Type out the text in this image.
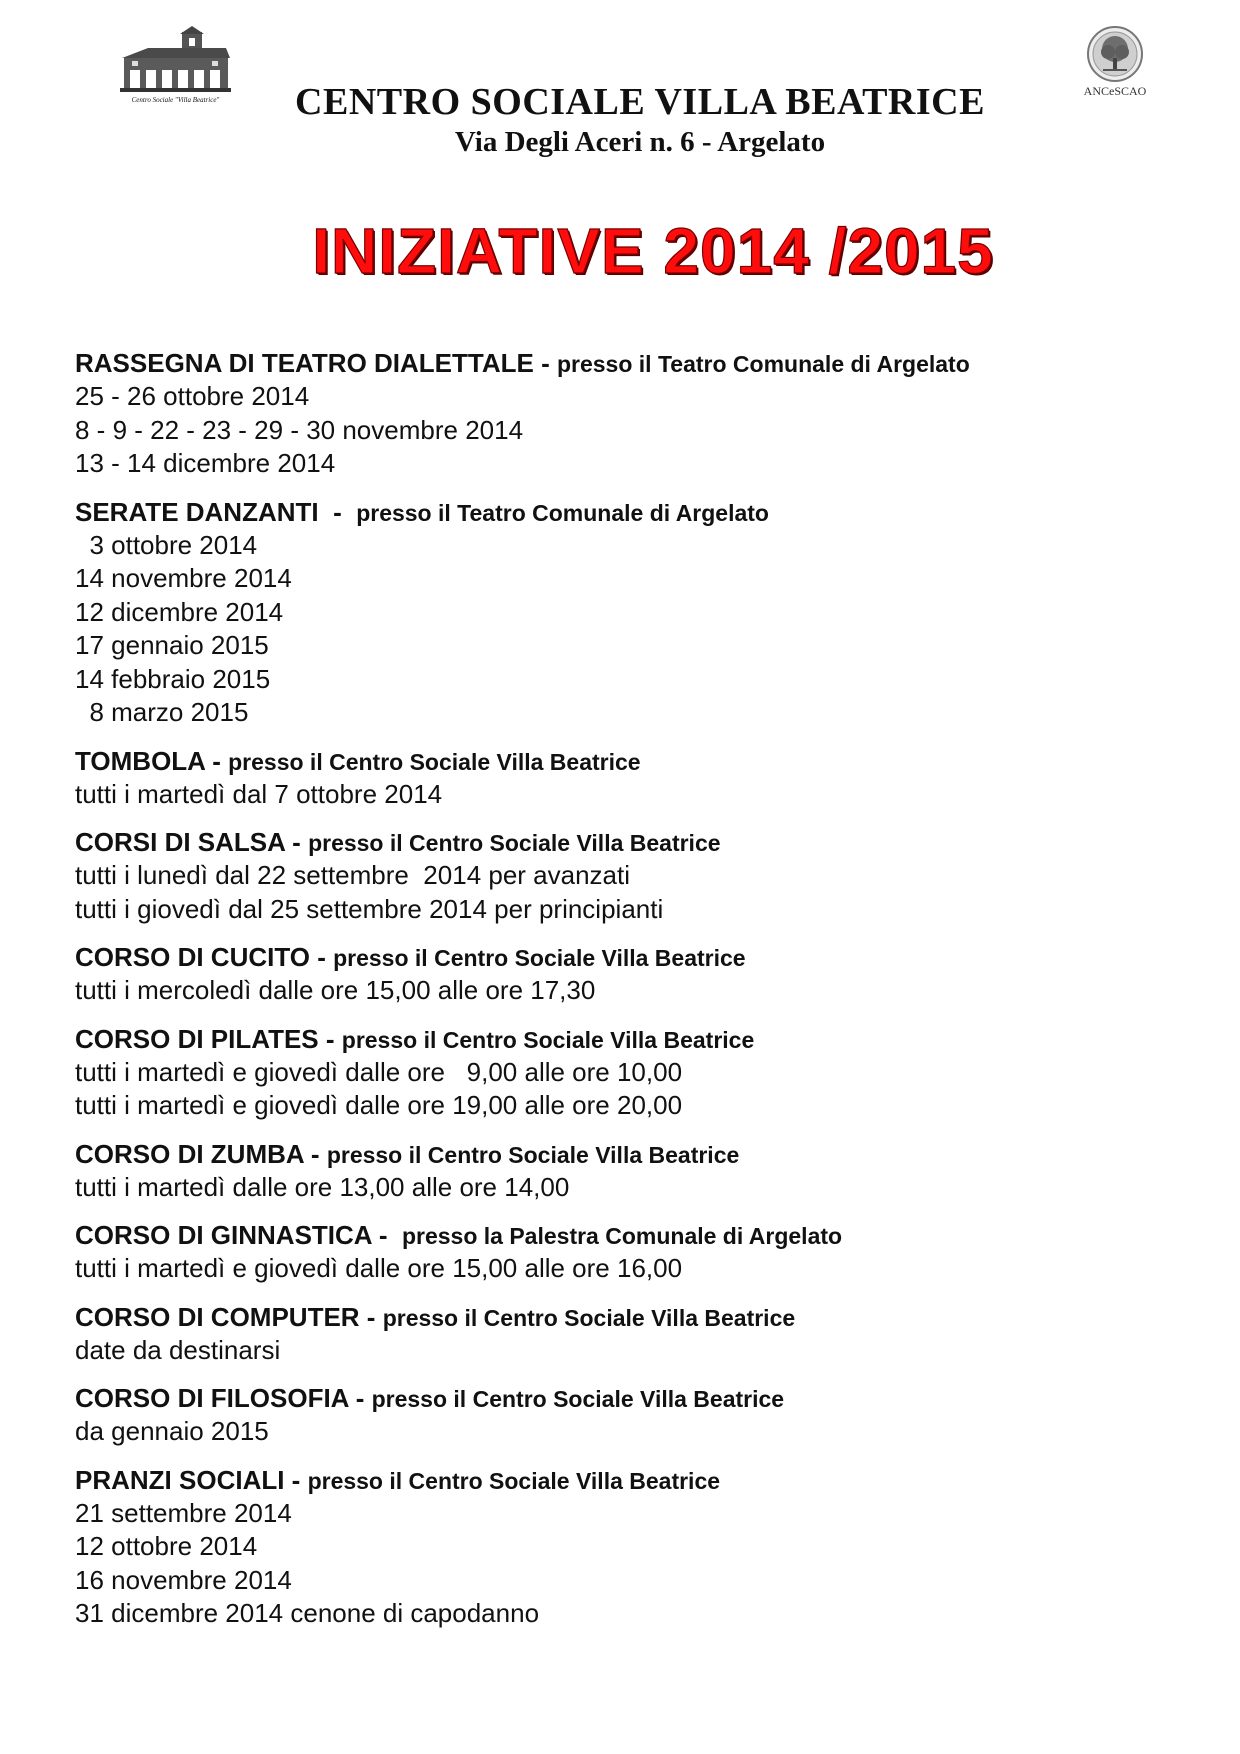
Centro Sociale "Villa Beatrice"
ANCeSCAO
CENTRO SOCIALE VILLA BEATRICE
Via Degli Aceri n. 6 - Argelato
INIZIATIVE 2014 /2015
RASSEGNA DI TEATRO DIALETTALE - presso il Teatro Comunale di Argelato
25 - 26 ottobre 2014
8 - 9 - 22 - 23 - 29 - 30 novembre 2014
13 - 14 dicembre 2014
SERATE DANZANTI  -  presso il Teatro Comunale di Argelato
3 ottobre 2014
14 novembre 2014
12 dicembre 2014
17 gennaio 2015
14 febbraio 2015
8 marzo 2015
TOMBOLA - presso il Centro Sociale Villa Beatrice
tutti i martedì dal 7 ottobre 2014
CORSI DI SALSA - presso il Centro Sociale Villa Beatrice
tutti i lunedì dal 22 settembre  2014 per avanzati
tutti i giovedì dal 25 settembre 2014 per principianti
CORSO DI CUCITO - presso il Centro Sociale Villa Beatrice
tutti i mercoledì dalle ore 15,00 alle ore 17,30
CORSO DI PILATES - presso il Centro Sociale Villa Beatrice
tutti i martedì e giovedì dalle ore   9,00 alle ore 10,00
tutti i martedì e giovedì dalle ore 19,00 alle ore 20,00
CORSO DI ZUMBA - presso il Centro Sociale Villa Beatrice
tutti i martedì dalle ore 13,00 alle ore 14,00
CORSO DI GINNASTICA -  presso la Palestra Comunale di Argelato
tutti i martedì e giovedì dalle ore 15,00 alle ore 16,00
CORSO DI COMPUTER - presso il Centro Sociale Villa Beatrice
date da destinarsi
CORSO DI FILOSOFIA - presso il Centro Sociale Villa Beatrice
da gennaio 2015
PRANZI SOCIALI - presso il Centro Sociale Villa Beatrice
21 settembre 2014
12 ottobre 2014
16 novembre 2014
31 dicembre 2014 cenone di capodanno
